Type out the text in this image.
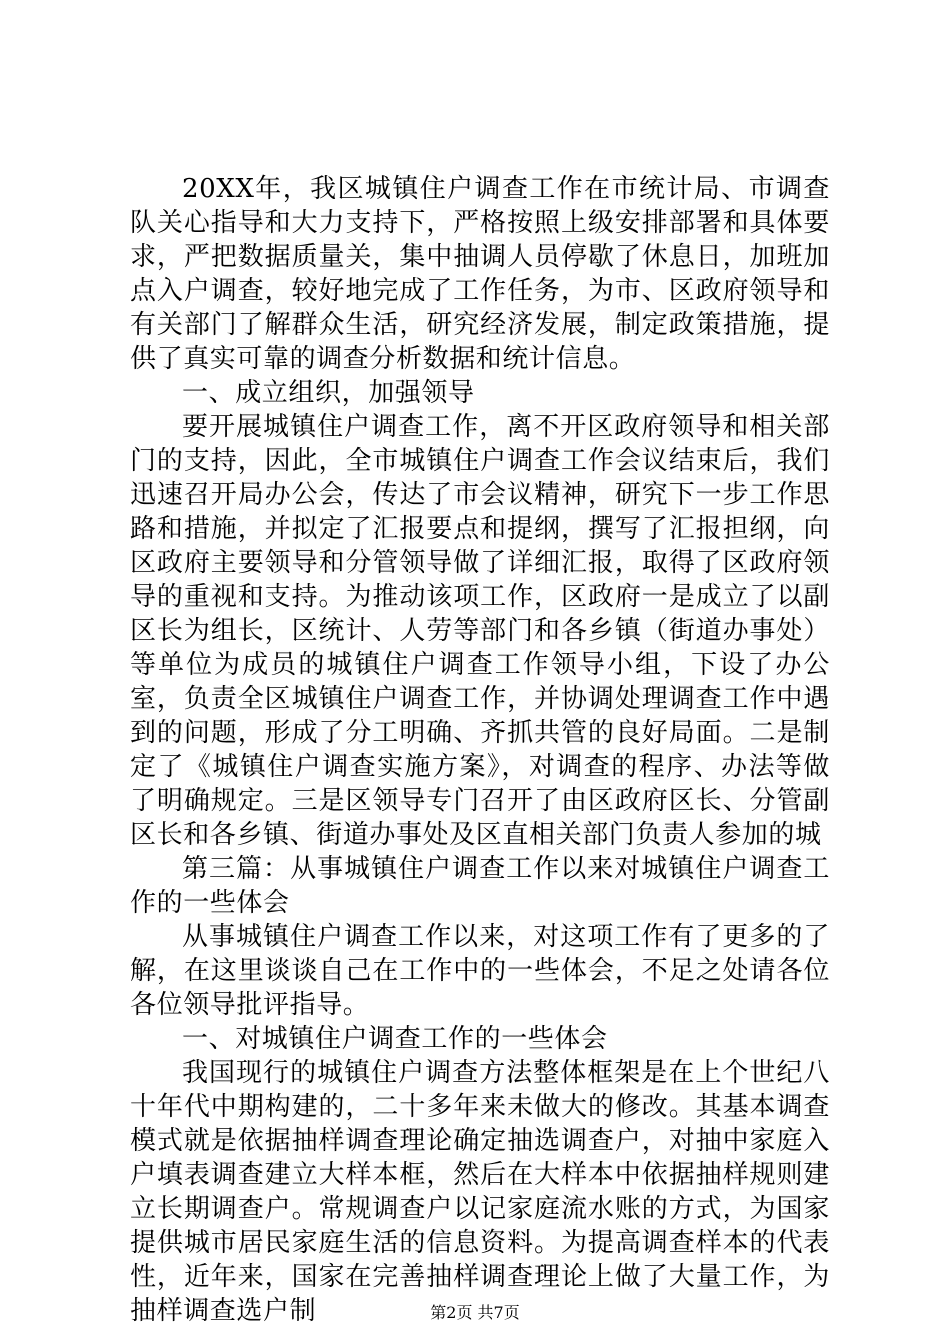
20XX年，我区城镇住户调查工作在市统计局、市调查队关心指导和大力支持下，严格按照上级安排部署和具体要求，严把数据质量关，集中抽调人员停歇了休息日，加班加点入户调查，较好地完成了工作任务，为市、区政府领导和有关部门了解群众生活，研究经济发展，制定政策措施，提供了真实可靠的调查分析数据和统计信息。

一、成立组织，加强领导

要开展城镇住户调查工作，离不开区政府领导和相关部门的支持，因此，全市城镇住户调查工作会议结束后，我们迅速召开局办公会，传达了市会议精神，研究下一步工作思路和措施，并拟定了汇报要点和提纲，撰写了汇报担纲，向区政府主要领导和分管领导做了详细汇报，取得了区政府领导的重视和支持。为推动该项工作，区政府一是成立了以副区长为组长，区统计、人劳等部门和各乡镇（街道办事处）等单位为成员的城镇住户调查工作领导小组，下设了办公室，负责全区城镇住户调查工作，并协调处理调查工作中遇到的问题，形成了分工明确、齐抓共管的良好局面。二是制定了《城镇住户调查实施方案》，对调查的程序、办法等做了明确规定。三是区领导专门召开了由区政府区长、分管副区长和各乡镇、街道办事处及区直相关部门负责人参加的城

第三篇：从事城镇住户调查工作以来对城镇住户调查工作的一些体会

从事城镇住户调查工作以来，对这项工作有了更多的了解，在这里谈谈自己在工作中的一些体会，不足之处请各位各位领导批评指导。

一、对城镇住户调查工作的一些体会

我国现行的城镇住户调查方法整体框架是在上个世纪八十年代中期构建的，二十多年来未做大的修改。其基本调查模式就是依据抽样调查理论确定抽选调查户，对抽中家庭入户填表调查建立大样本框，然后在大样本中依据抽样规则建立长期调查户。常规调查户以记家庭流水账的方式，为国家提供城市居民家庭生活的信息资料。为提高调查样本的代表性，近年来，国家在完善抽样调查理论上做了大量工作，为抽样调查选户制	第2页 共7页
